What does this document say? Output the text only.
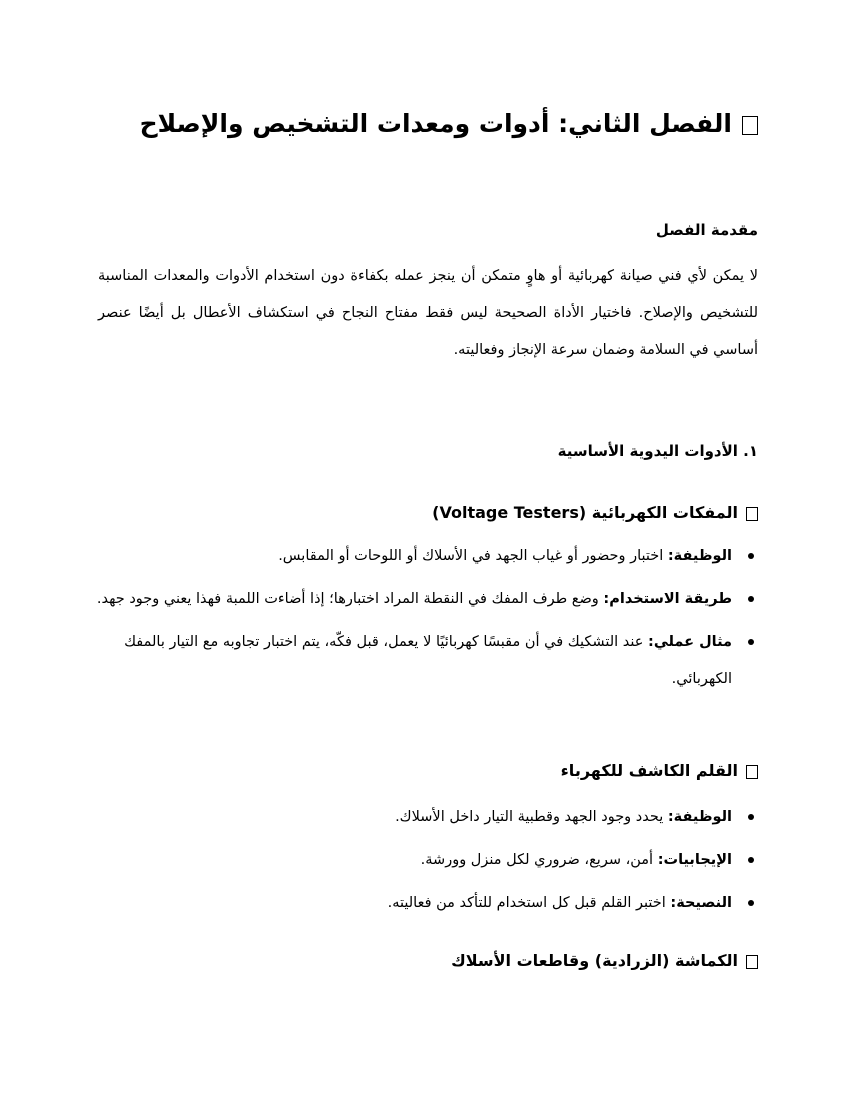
الفصل الثاني: أدوات ومعدات التشخيص والإصلاح
مقدمة الفصل

لا يمكن لأي فني صيانة كهربائية أو هاوٍ متمكن أن ينجز عمله بكفاءة دون استخدام الأدوات والمعدات المناسبة للتشخيص والإصلاح. فاختيار الأداة الصحيحة ليس فقط مفتاح النجاح في استكشاف الأعطال بل أيضًا عنصر أساسي في السلامة وضمان سرعة الإنجاز وفعاليته.

١. الأدوات اليدوية الأساسية
المفكات الكهربائية (Voltage Testers)
الوظيفة: اختبار وحضور أو غياب الجهد في الأسلاك أو اللوحات أو المقابس.
طريقة الاستخدام: وضع طرف المفك في النقطة المراد اختبارها؛ إذا أضاءت اللمبة فهذا يعني وجود جهد.
مثال عملي: عند التشكيك في أن مقبسًا كهربائيًا لا يعمل، قبل فكّه، يتم اختبار تجاوبه مع التيار بالمفك الكهربائي.
القلم الكاشف للكهرباء
الوظيفة: يحدد وجود الجهد وقطبية التيار داخل الأسلاك.
الإيجابيات: أمن، سريع، ضروري لكل منزل وورشة.
النصيحة: اختبر القلم قبل كل استخدام للتأكد من فعاليته.
الكماشة (الزرادية) وقاطعات الأسلاك
